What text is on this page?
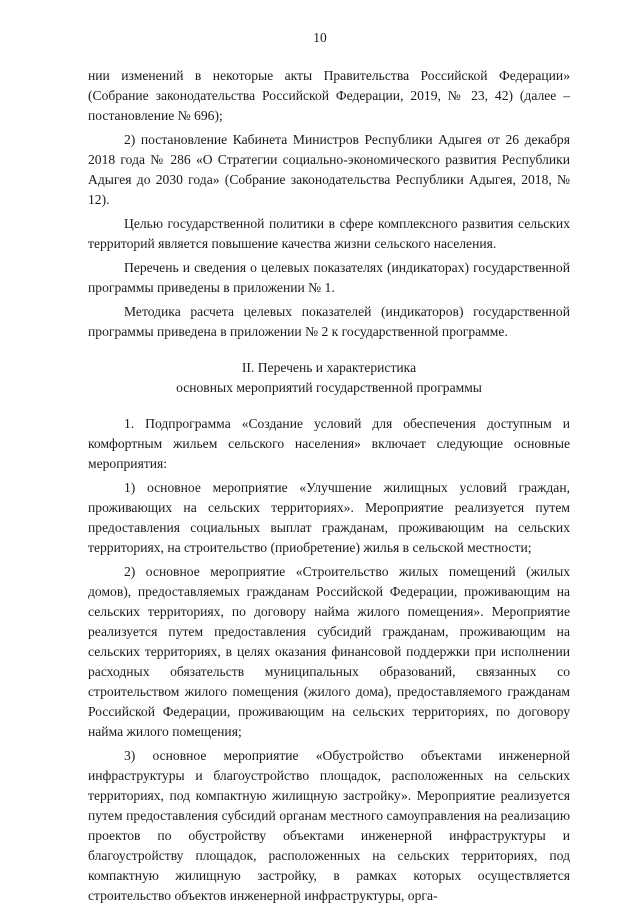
10

нии изменений в некоторые акты Правительства Российской Федерации» (Собрание законодательства Российской Федерации, 2019, № 23, 42) (далее – постановление № 696);

2) постановление Кабинета Министров Республики Адыгея от 26 декабря 2018 года № 286 «О Стратегии социально-экономического развития Республики Адыгея до 2030 года» (Собрание законодательства Республики Адыгея, 2018, № 12).

Целью государственной политики в сфере комплексного развития сельских территорий является повышение качества жизни сельского населения.

Перечень и сведения о целевых показателях (индикаторах) государственной программы приведены в приложении № 1.

Методика расчета целевых показателей (индикаторов) государственной программы приведена в приложении № 2 к государственной программе.

II. Перечень и характеристика

основных мероприятий государственной программы

1. Подпрограмма «Создание условий для обеспечения доступным и комфортным жильем сельского населения» включает следующие основные мероприятия:

1) основное мероприятие «Улучшение жилищных условий граждан, проживающих на сельских территориях». Мероприятие реализуется путем предоставления социальных выплат гражданам, проживающим на сельских территориях, на строительство (приобретение) жилья в сельской местности;

2) основное мероприятие «Строительство жилых помещений (жилых домов), предоставляемых гражданам Российской Федерации, проживающим на сельских территориях, по договору найма жилого помещения». Мероприятие реализуется путем предоставления субсидий гражданам, проживающим на сельских территориях, в целях оказания финансовой поддержки при исполнении расходных обязательств муниципальных образований, связанных со строительством жилого помещения (жилого дома), предоставляемого гражданам Российской Федерации, проживающим на сельских территориях, по договору найма жилого помещения;

3) основное мероприятие «Обустройство объектами инженерной инфраструктуры и благоустройство площадок, расположенных на сельских территориях, под компактную жилищную застройку». Мероприятие реализуется путем предоставления субсидий органам местного самоуправления на реализацию проектов по обустройству объектами инженерной инфраструктуры и благоустройству площадок, расположенных на сельских территориях, под компактную жилищную застройку, в рамках которых осуществляется строительство объектов инженерной инфраструктуры, орга-
